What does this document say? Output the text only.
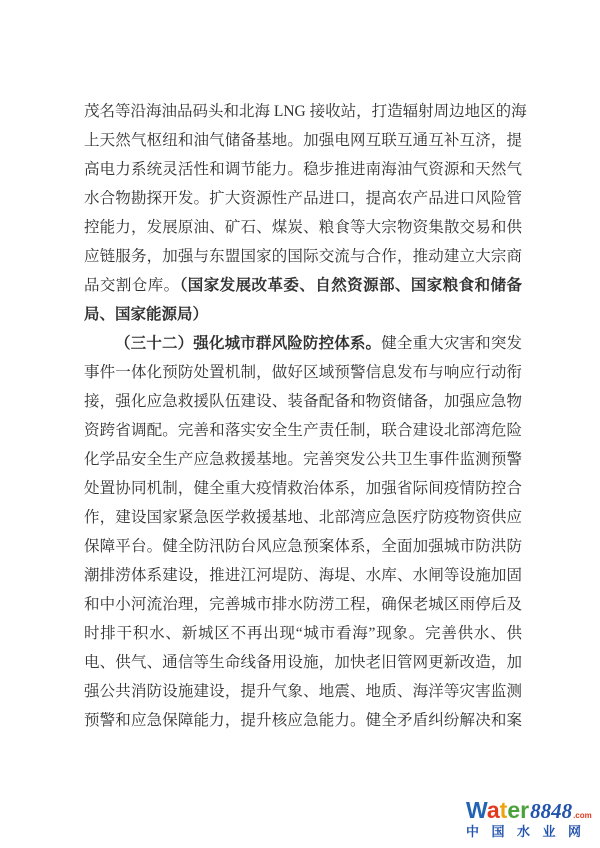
茂名等沿海油品码头和北海 LNG 接收站，打造辐射周边地区的海
上天然气枢纽和油气储备基地。加强电网互联互通互补互济，提
高电力系统灵活性和调节能力。稳步推进南海油气资源和天然气
水合物勘探开发。扩大资源性产品进口，提高农产品进口风险管
控能力，发展原油、矿石、煤炭、粮食等大宗物资集散交易和供
应链服务，加强与东盟国家的国际交流与合作，推动建立大宗商
品交割仓库。（国家发展改革委、自然资源部、国家粮食和储备
局、国家能源局）
（三十二）强化城市群风险防控体系。健全重大灾害和突发
事件一体化预防处置机制，做好区域预警信息发布与响应行动衔
接，强化应急救援队伍建设、装备配备和物资储备，加强应急物
资跨省调配。完善和落实安全生产责任制，联合建设北部湾危险
化学品安全生产应急救援基地。完善突发公共卫生事件监测预警
处置协同机制，健全重大疫情救治体系，加强省际间疫情防控合
作，建设国家紧急医学救援基地、北部湾应急医疗防疫物资供应
保障平台。健全防汛防台风应急预案体系，全面加强城市防洪防
潮排涝体系建设，推进江河堤防、海堤、水库、水闸等设施加固
和中小河流治理，完善城市排水防涝工程，确保老城区雨停后及
时排干积水、新城区不再出现“城市看海”现象。完善供水、供
电、供气、通信等生命线备用设施，加快老旧管网更新改造，加
强公共消防设施建设，提升气象、地震、地质、海洋等灾害监测
预警和应急保障能力，提升核应急能力。健全矛盾纠纷解决和案
Water 8848 .com
中国水业网
